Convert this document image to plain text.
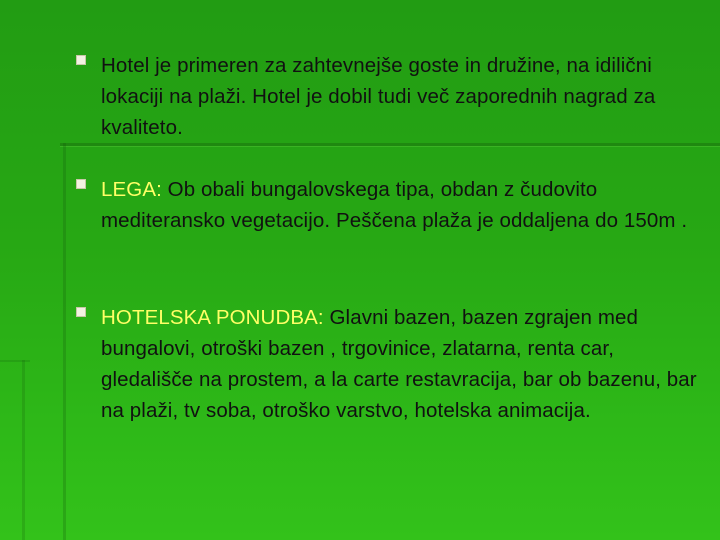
Hotel je primeren za zahtevnejše goste in družine, na idilični lokaciji na plaži. Hotel je dobil tudi več zaporednih nagrad za kvaliteto.
LEGA: Ob obali bungalovskega tipa, obdan z čudovito mediteransko vegetacijo. Peščena plaža je oddaljena do 150m .
HOTELSKA PONUDBA: Glavni bazen, bazen zgrajen med bungalovi, otroški bazen , trgovinice, zlatarna, renta car, gledališče na prostem, a la carte restavracija, bar ob bazenu, bar na plaži, tv soba, otroško varstvo, hotelska animacija.
